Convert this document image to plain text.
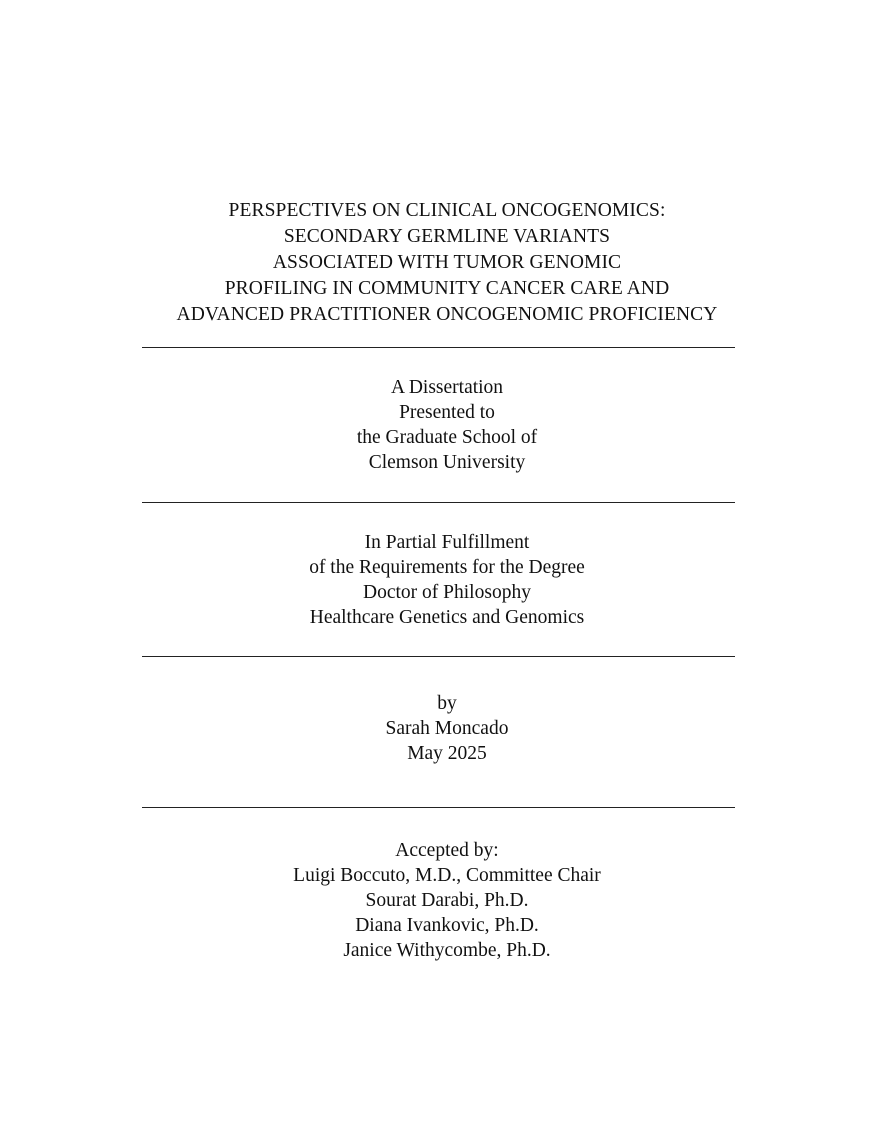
PERSPECTIVES ON CLINICAL ONCOGENOMICS:
SECONDARY GERMLINE VARIANTS
ASSOCIATED WITH TUMOR GENOMIC
PROFILING IN COMMUNITY CANCER CARE AND
ADVANCED PRACTITIONER ONCOGENOMIC PROFICIENCY
A Dissertation
Presented to
the Graduate School of
Clemson University
In Partial Fulfillment
of the Requirements for the Degree
Doctor of Philosophy
Healthcare Genetics and Genomics
by
Sarah Moncado
May 2025
Accepted by:
Luigi Boccuto, M.D., Committee Chair
Sourat Darabi, Ph.D.
Diana Ivankovic, Ph.D.
Janice Withycombe, Ph.D.
